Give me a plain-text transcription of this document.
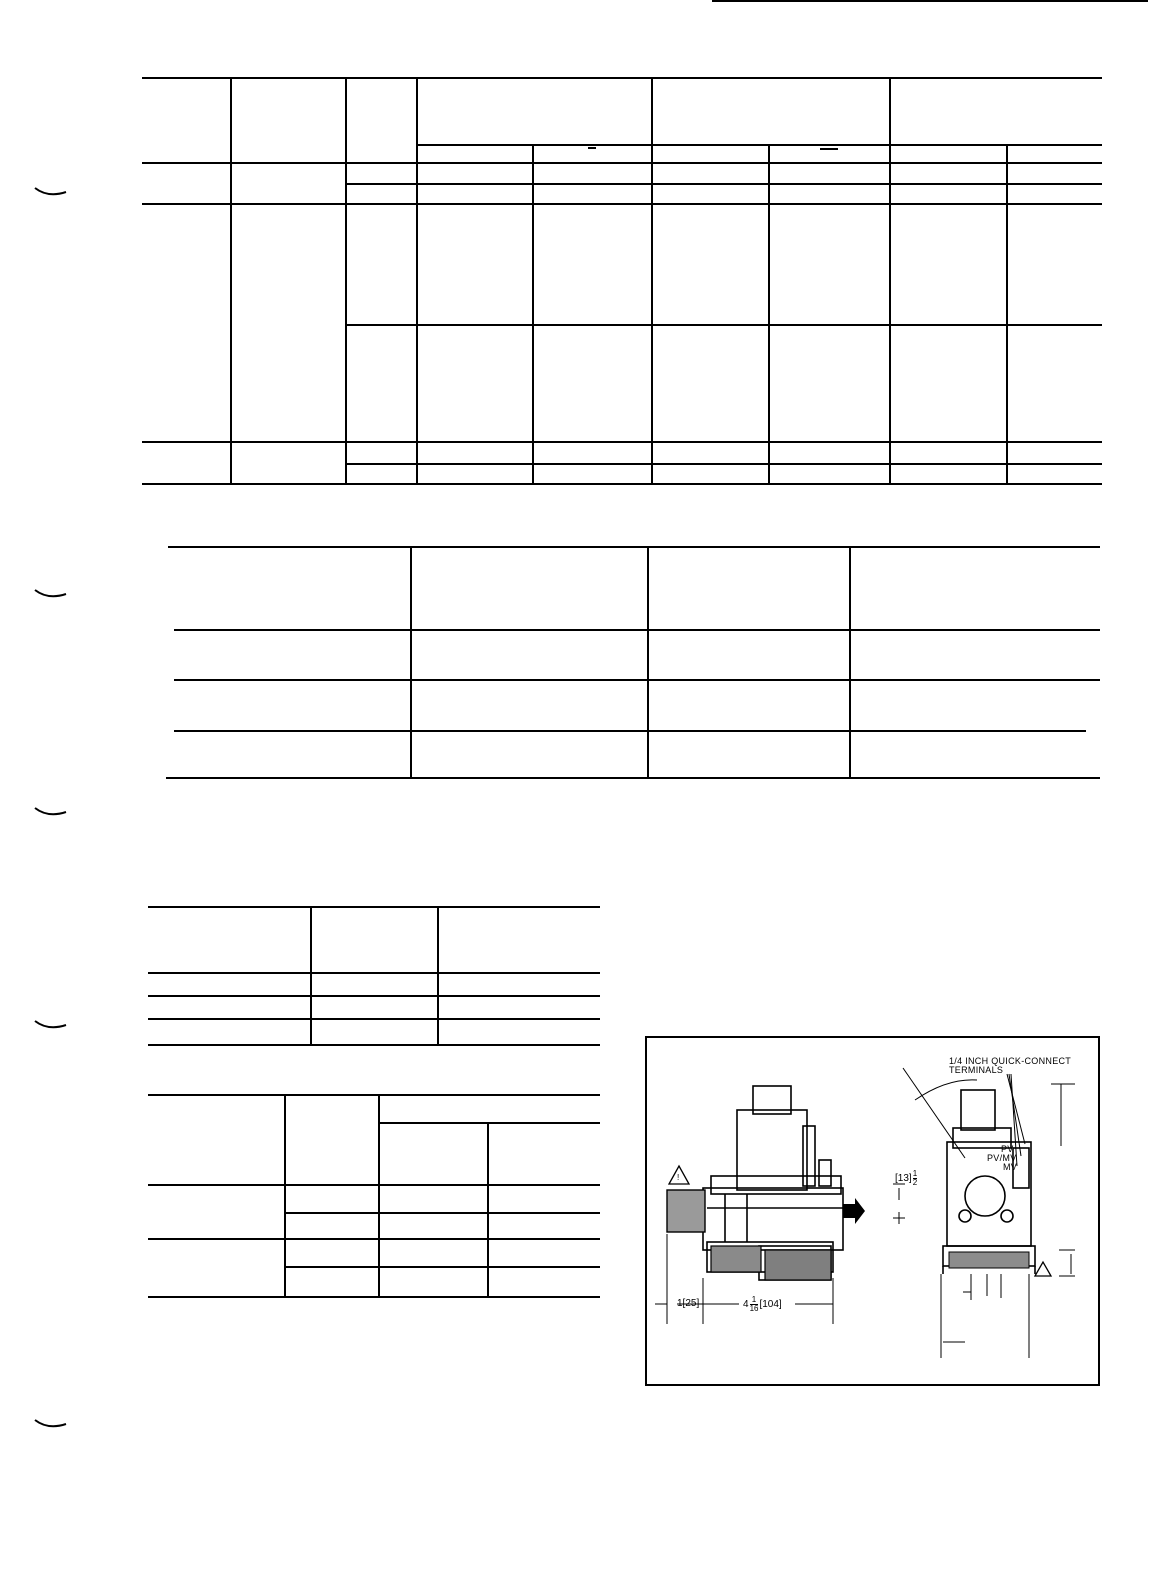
1/4 INCH QUICK-CONNECT
TERMINALS
PV
PV/MV
MV
!
1[25]	$4 \frac{1}{16} [104]$
$[13] \frac{1}{2}$
